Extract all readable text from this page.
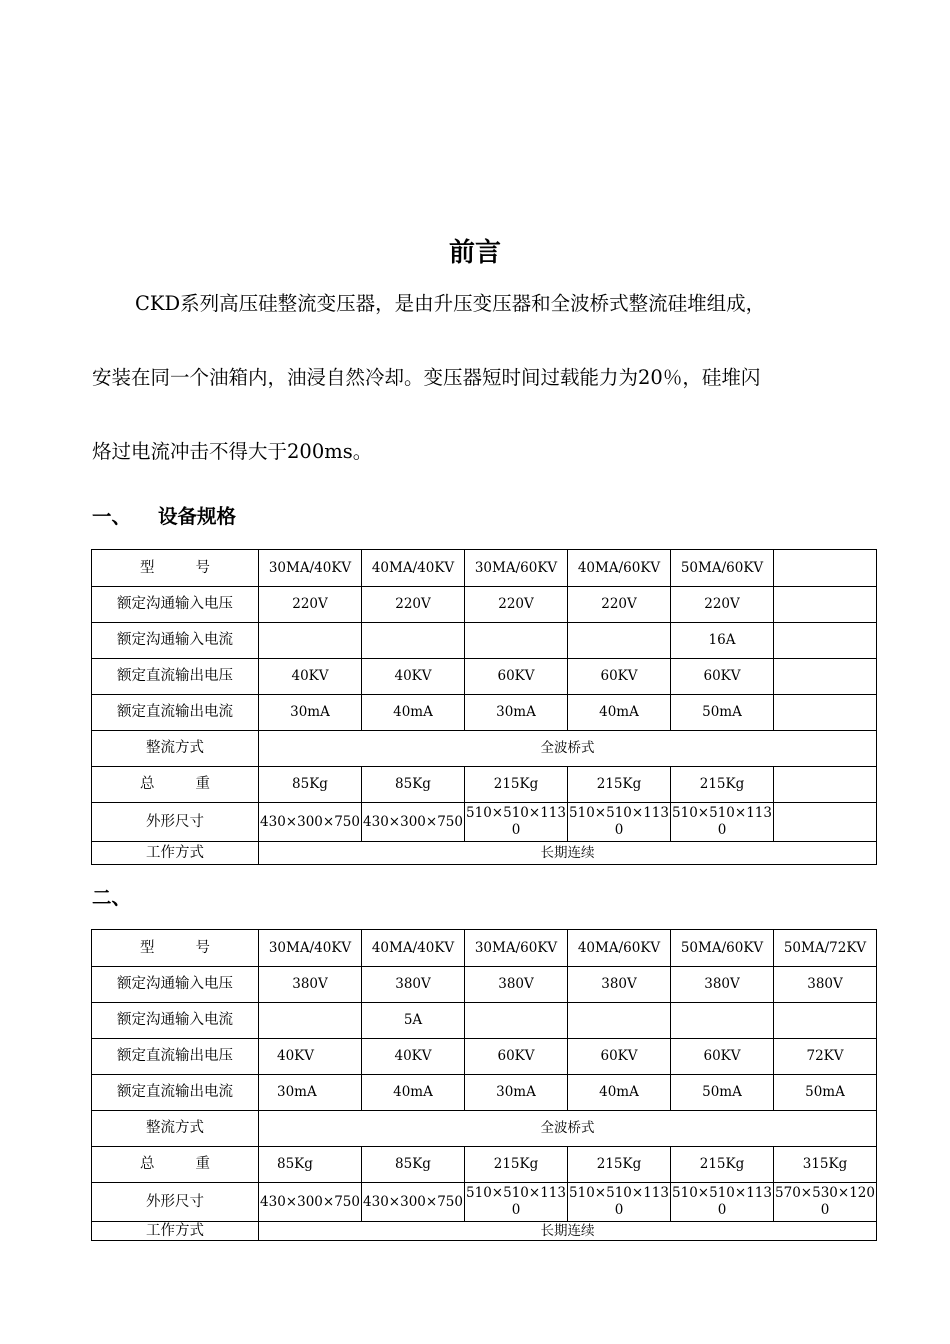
前言
CKD系列高压硅整流变压器，是由升压变压器和全波桥式整流硅堆组成，
安装在同一个油箱内，油浸自然冷却。变压器短时间过载能力为20％，硅堆闪
烙过电流冲击不得大于200ms。
一、 设备规格
型 号	30MA/40KV	40MA/40KV	30MA/60KV	40MA/60KV	50MA/60KV	
额定沟通输入电压	220V	220V	220V	220V	220V	
额定沟通输入电流					16A	
额定直流输出电压	40KV	40KV	60KV	60KV	60KV	
额定直流输出电流	30mA	40mA	30mA	40mA	50mA	
整流方式	全波桥式					
总 重	85Kg	85Kg	215Kg	215Kg	215Kg	
外形尺寸	430×300×750	430×300×750	510×510×1130	510×510×1130	510×510×1130	
工作方式	长期连续					
二、
型 号	30MA/40KV	40MA/40KV	30MA/60KV	40MA/60KV	50MA/60KV	50MA/72KV
额定沟通输入电压	380V	380V	380V	380V	380V	380V
额定沟通输入电流		5A				
额定直流输出电压	40KV	40KV	60KV	60KV	60KV	72KV
额定直流输出电流	30mA	40mA	30mA	40mA	50mA	50mA
整流方式	全波桥式					
总 重	85Kg	85Kg	215Kg	215Kg	215Kg	315Kg
外形尺寸	430×300×750	430×300×750	510×510×1130	510×510×1130	510×510×1130	570×530×1200
工作方式	长期连续					
